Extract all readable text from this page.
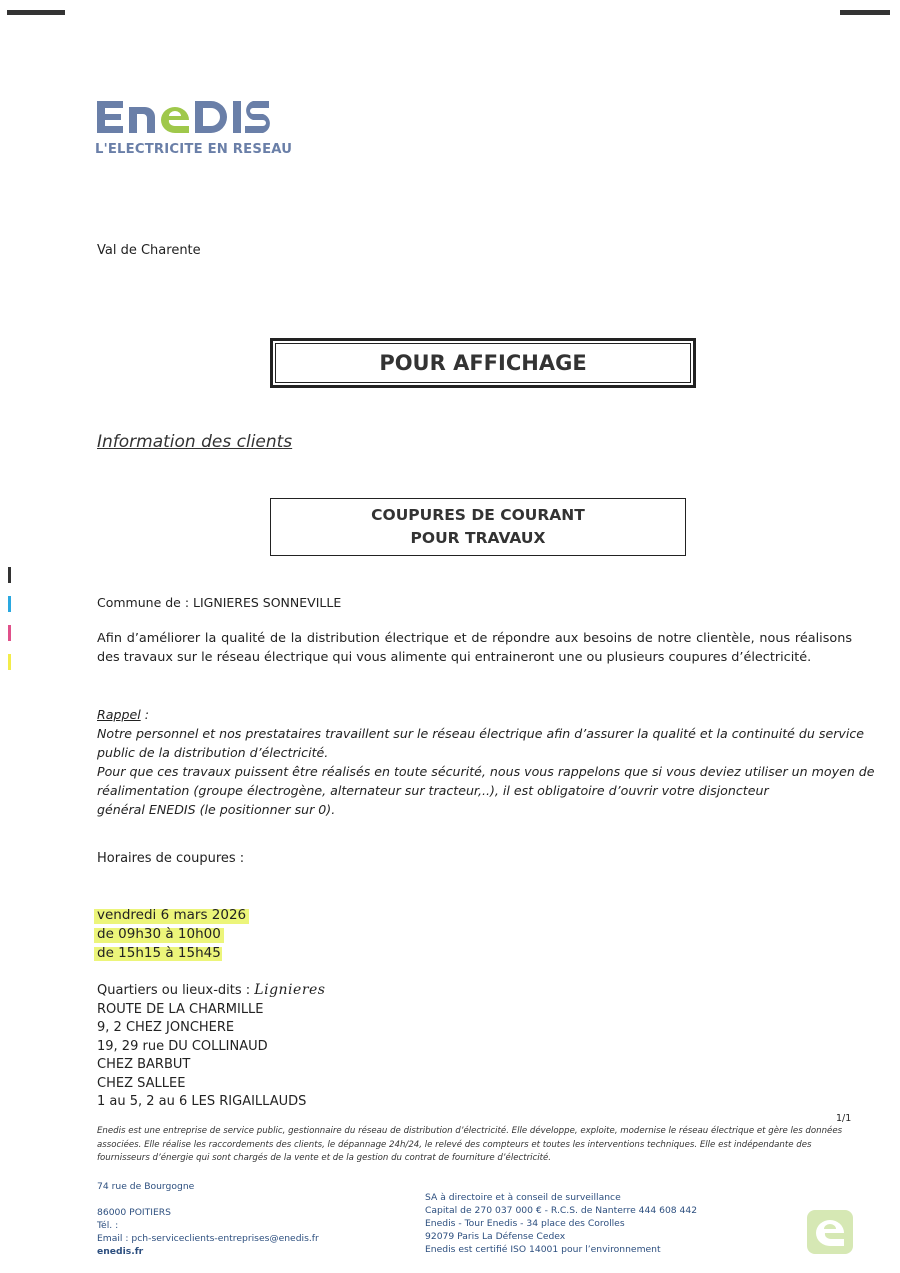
L'ELECTRICITE EN RESEAU
Val de Charente
POUR AFFICHAGE
Information des clients
COUPURES DE COURANT
POUR TRAVAUX
Commune de : LIGNIERES SONNEVILLE
Afin d’améliorer la qualité de la distribution électrique et de répondre aux besoins de notre clientèle, nous réalisons des travaux sur le réseau électrique qui vous alimente qui entraineront une ou plusieurs coupures d’électricité.
Rappel :
Notre personnel et nos prestataires travaillent sur le réseau électrique afin d’assurer la qualité et la continuité du service
public de la distribution d’électricité.
Pour que ces travaux puissent être réalisés en toute sécurité, nous vous rappelons que si vous deviez utiliser un moyen de
réalimentation (groupe électrogène, alternateur sur tracteur,..), il est obligatoire d’ouvrir votre disjoncteur
général ENEDIS (le positionner sur 0).
Horaires de coupures :
vendredi 6 mars 2026
de 09h30 à 10h00
de 15h15 à 15h45
Quartiers ou lieux-dits : Lignieres
ROUTE DE LA CHARMILLE
9, 2 CHEZ JONCHERE
19, 29 rue DU COLLINAUD
CHEZ BARBUT
CHEZ SALLEE
1 au 5, 2 au 6 LES RIGAILLAUDS
1/1
Enedis est une entreprise de service public, gestionnaire du réseau de distribution d’électricité. Elle développe, exploite, modernise le réseau électrique et gère les données associées. Elle réalise les raccordements des clients, le dépannage 24h/24, le relevé des compteurs et toutes les interventions techniques. Elle est indépendante des fournisseurs d’énergie qui sont chargés de la vente et de la gestion du contrat de fourniture d’électricité.
74 rue de Bourgogne
86000 POITIERS
Tél. :
Email : pch-serviceclients-entreprises@enedis.fr
enedis.fr
SA à directoire et à conseil de surveillance
Capital de 270 037 000 € - R.C.S. de Nanterre 444 608 442
Enedis - Tour Enedis - 34 place des Corolles
92079 Paris La Défense Cedex
Enedis est certifié ISO 14001 pour l’environnement
